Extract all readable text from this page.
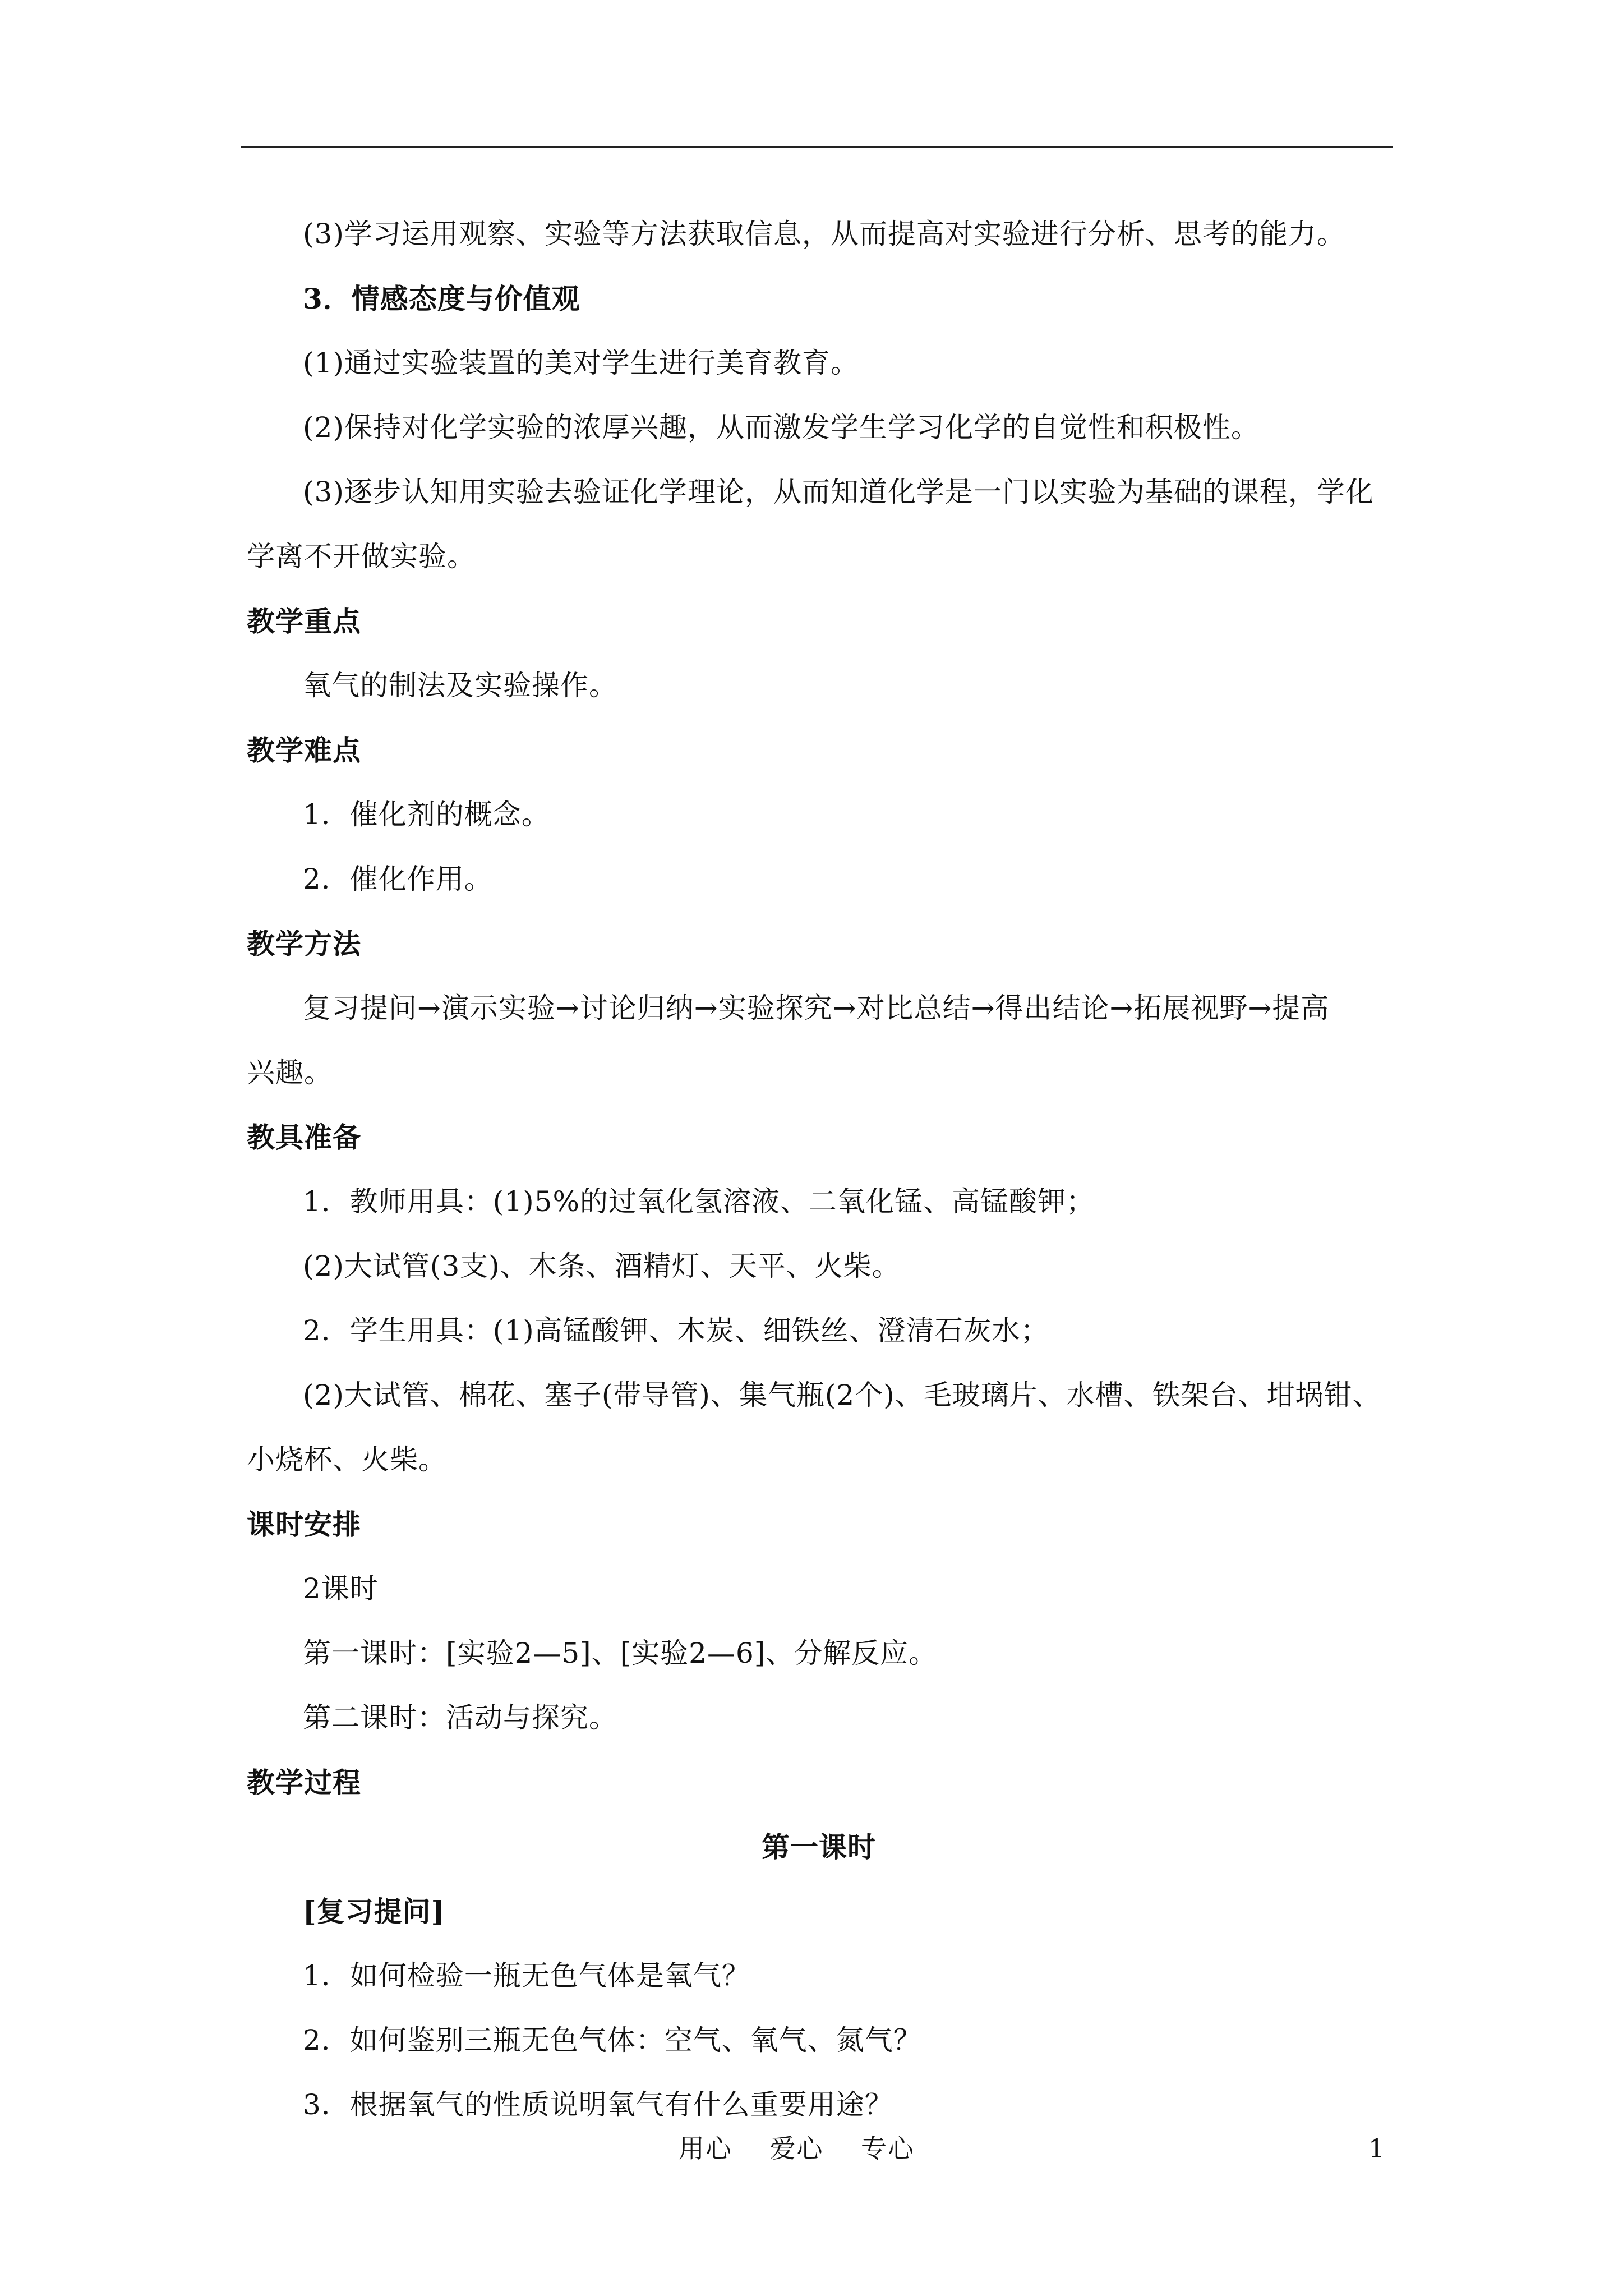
(3)学习运用观察、实验等方法获取信息，从而提高对实验进行分析、思考的能力。
3．情感态度与价值观
(1)通过实验装置的美对学生进行美育教育。
(2)保持对化学实验的浓厚兴趣，从而激发学生学习化学的自觉性和积极性。
(3)逐步认知用实验去验证化学理论，从而知道化学是一门以实验为基础的课程，学化
学离不开做实验。
教学重点
氧气的制法及实验操作。
教学难点
1．催化剂的概念。
2．催化作用。
教学方法
复习提问→演示实验→讨论归纳→实验探究→对比总结→得出结论→拓展视野→提高
兴趣。
教具准备
1．教师用具：(1)5%的过氧化氢溶液、二氧化锰、高锰酸钾；
(2)大试管(3支)、木条、酒精灯、天平、火柴。
2．学生用具：(1)高锰酸钾、木炭、细铁丝、澄清石灰水；
(2)大试管、棉花、塞子(带导管)、集气瓶(2个)、毛玻璃片、水槽、铁架台、坩埚钳、
小烧杯、火柴。
课时安排
2课时
第一课时：[实验2—5]、[实验2—6]、分解反应。
第二课时：活动与探究。
教学过程
第一课时
[复习提问]
1．如何检验一瓶无色气体是氧气？
2．如何鉴别三瓶无色气体：空气、氧气、氮气？
3．根据氧气的性质说明氧气有什么重要用途？
用心    爱心    专心	1
